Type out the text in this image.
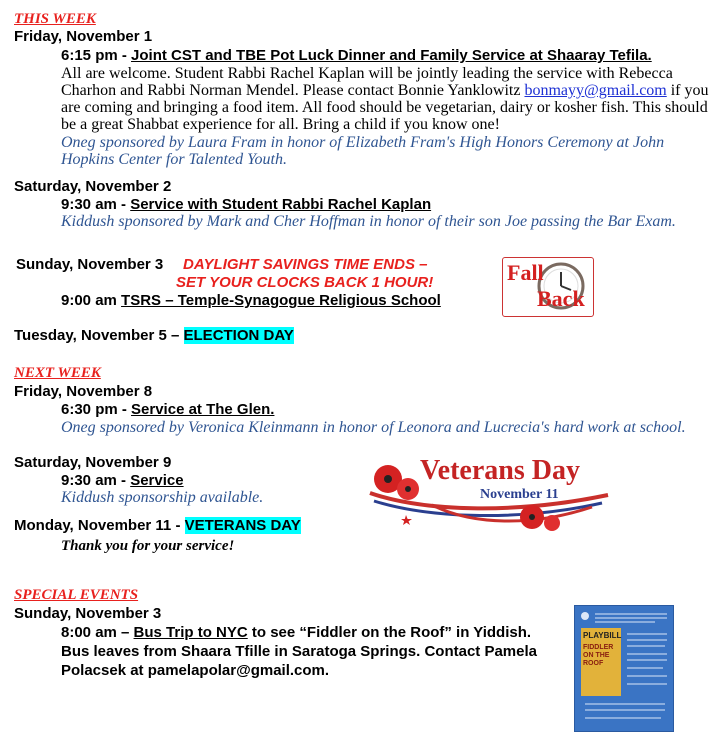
THIS WEEK
Friday, November 1
6:15 pm - Joint CST and TBE Pot Luck Dinner and Family Service at Shaaray Tefila.
All are welcome. Student Rabbi Rachel Kaplan will be jointly leading the service with Rebecca Charhon and Rabbi Norman Mendel. Please contact Bonnie Yanklowitz bonmayy@gmail.com if you are coming and bringing a food item. All food should be vegetarian, dairy or kosher fish. This should be a great Shabbat experience for all. Bring a child if you know one!
Oneg sponsored by Laura Fram in honor of Elizabeth Fram's High Honors Ceremony at John Hopkins Center for Talented Youth.
Saturday, November 2
9:30 am - Service with Student Rabbi Rachel Kaplan
Kiddush sponsored by Mark and Cher Hoffman in honor of their son Joe passing the Bar Exam.
Sunday, November 3 DAYLIGHT SAVINGS TIME ENDS –
SET YOUR CLOCKS BACK 1 HOUR!
9:00 am TSRS – Temple-Synagogue Religious School
Fall
Back
Tuesday, November 5 – ELECTION DAY
NEXT WEEK
Friday, November 8
6:30 pm - Service at The Glen.
Oneg sponsored by Veronica Kleinmann in honor of Leonora and Lucrecia's hard work at school.
Saturday, November 9
9:30 am - Service
Kiddush sponsorship available.
Monday, November 11 - VETERANS DAY
Thank you for your service!
Veterans Day
November 11
SPECIAL EVENTS
Sunday, November 3
8:00 am – Bus Trip to NYC to see “Fiddler on the Roof” in Yiddish. Bus leaves from Shaara Tfille in Saratoga Springs. Contact Pamela Polacsek at pamelapolar@gmail.com.
PLAYBILL
FIDDLER ON THE ROOF
